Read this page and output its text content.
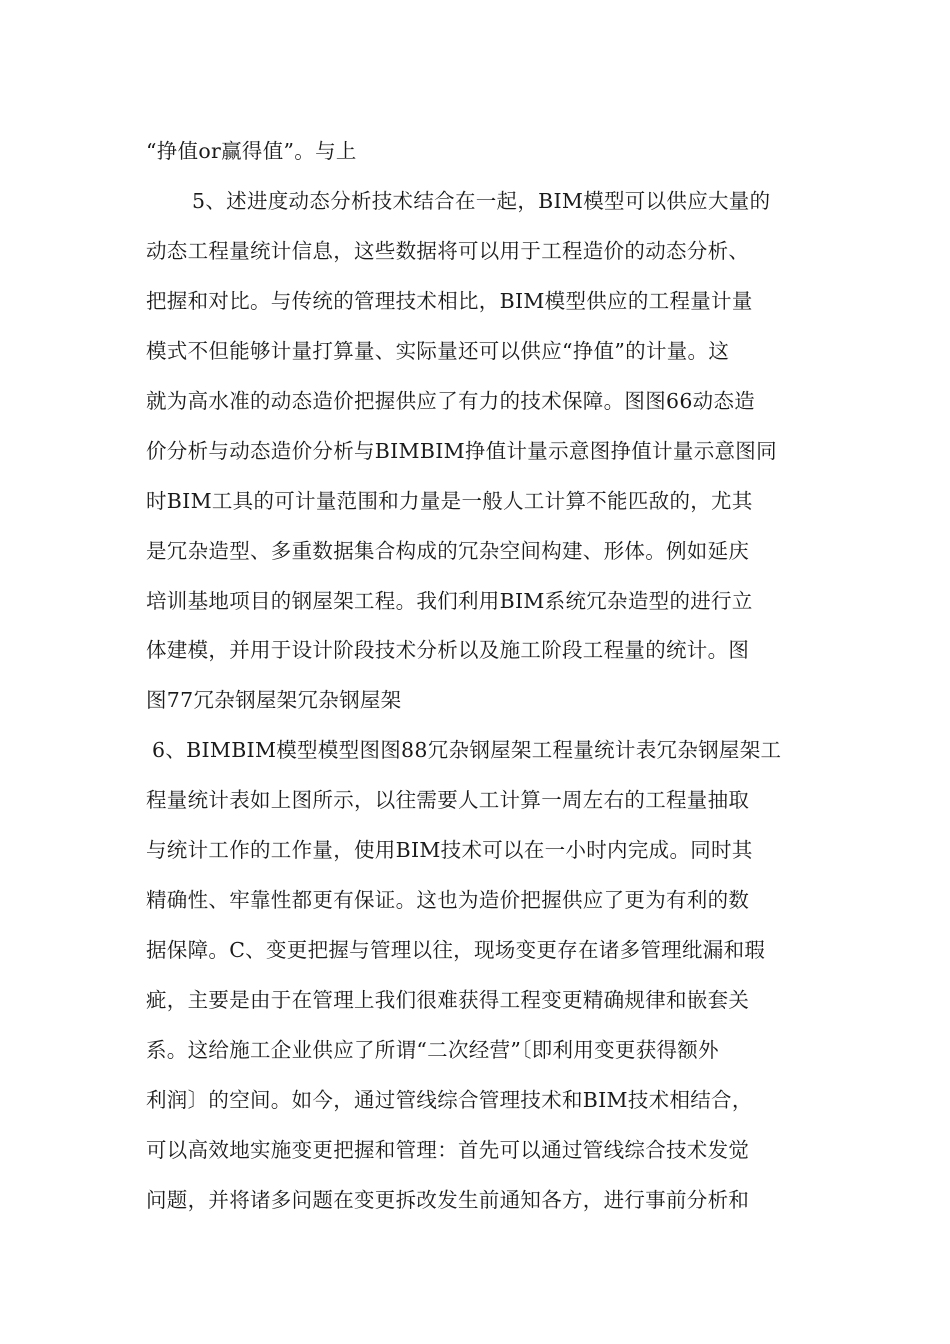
“挣值or赢得值”。与上
5、述进度动态分析技术结合在一起，BIM模型可以供应大量的
动态工程量统计信息，这些数据将可以用于工程造价的动态分析、
把握和对比。与传统的管理技术相比，BIM模型供应的工程量计量
模式不但能够计量打算量、实际量还可以供应“挣值”的计量。这
就为高水准的动态造价把握供应了有力的技术保障。图图66动态造
价分析与动态造价分析与BIMBIM挣值计量示意图挣值计量示意图同
时BIM工具的可计量范围和力量是一般人工计算不能匹敌的，尤其
是冗杂造型、多重数据集合构成的冗杂空间构建、形体。例如延庆
培训基地项目的钢屋架工程。我们利用BIM系统冗杂造型的进行立
体建模，并用于设计阶段技术分析以及施工阶段工程量的统计。图
图77冗杂钢屋架冗杂钢屋架
6、BIMBIM模型模型图图88冗杂钢屋架工程量统计表冗杂钢屋架工
程量统计表如上图所示，以往需要人工计算一周左右的工程量抽取
与统计工作的工作量，使用BIM技术可以在一小时内完成。同时其
精确性、牢靠性都更有保证。这也为造价把握供应了更为有利的数
据保障。C、变更把握与管理以往，现场变更存在诸多管理纰漏和瑕
疵，主要是由于在管理上我们很难获得工程变更精确规律和嵌套关
系。这给施工企业供应了所谓“二次经营”〔即利用变更获得额外
利润〕的空间。如今，通过管线综合管理技术和BIM技术相结合，
可以高效地实施变更把握和管理：首先可以通过管线综合技术发觉
问题，并将诸多问题在变更拆改发生前通知各方，进行事前分析和
